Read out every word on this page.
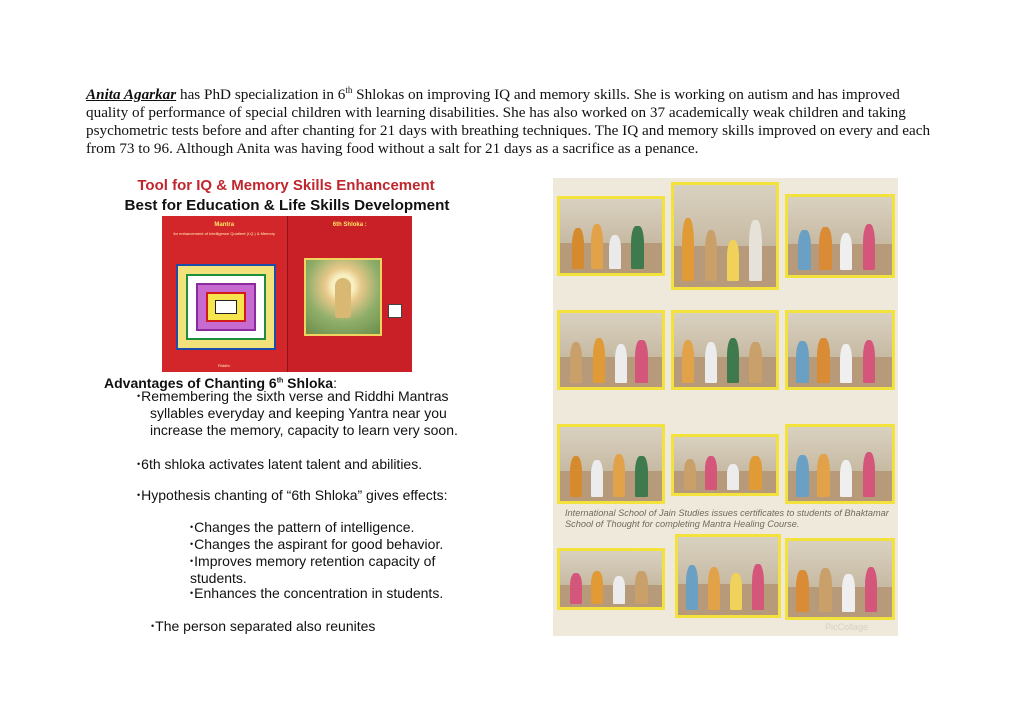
Anita Agarkar has PhD specialization in 6th Shlokas on improving IQ and memory skills. She is working on autism and has improved quality of performance of special children with learning disabilities. She has also worked on 37 academically weak children and taking psychometric tests before and after chanting for 21 days with breathing techniques. The IQ and memory skills improved on every and each from 73 to 96. Although Anita was having food without a salt for 21 days as a sacrifice as a penance.

Tool for IQ & Memory Skills Enhancement
Best for Education & Life Skills Development
Mantra
for enhancement of Intelligence Quotient (I.Q.) & Memory
Riddhi:
6th Shloka :
Advantages of Chanting 6th Shloka:
•Remembering the sixth verse and Riddhi Mantras
syllables everyday and keeping Yantra near you
increase the memory, capacity to learn very soon.
•6th shloka activates latent talent and abilities.
•Hypothesis chanting of “6th Shloka” gives effects:
•Changes the pattern of intelligence.
•Changes the aspirant for good behavior.
•Improves memory retention capacity of students.
•Enhances the concentration in students.
•The person separated also reunites
International School of Jain Studies issues certificates to students of Bhaktamar School of Thought for completing Mantra Healing Course.
PicCollage
